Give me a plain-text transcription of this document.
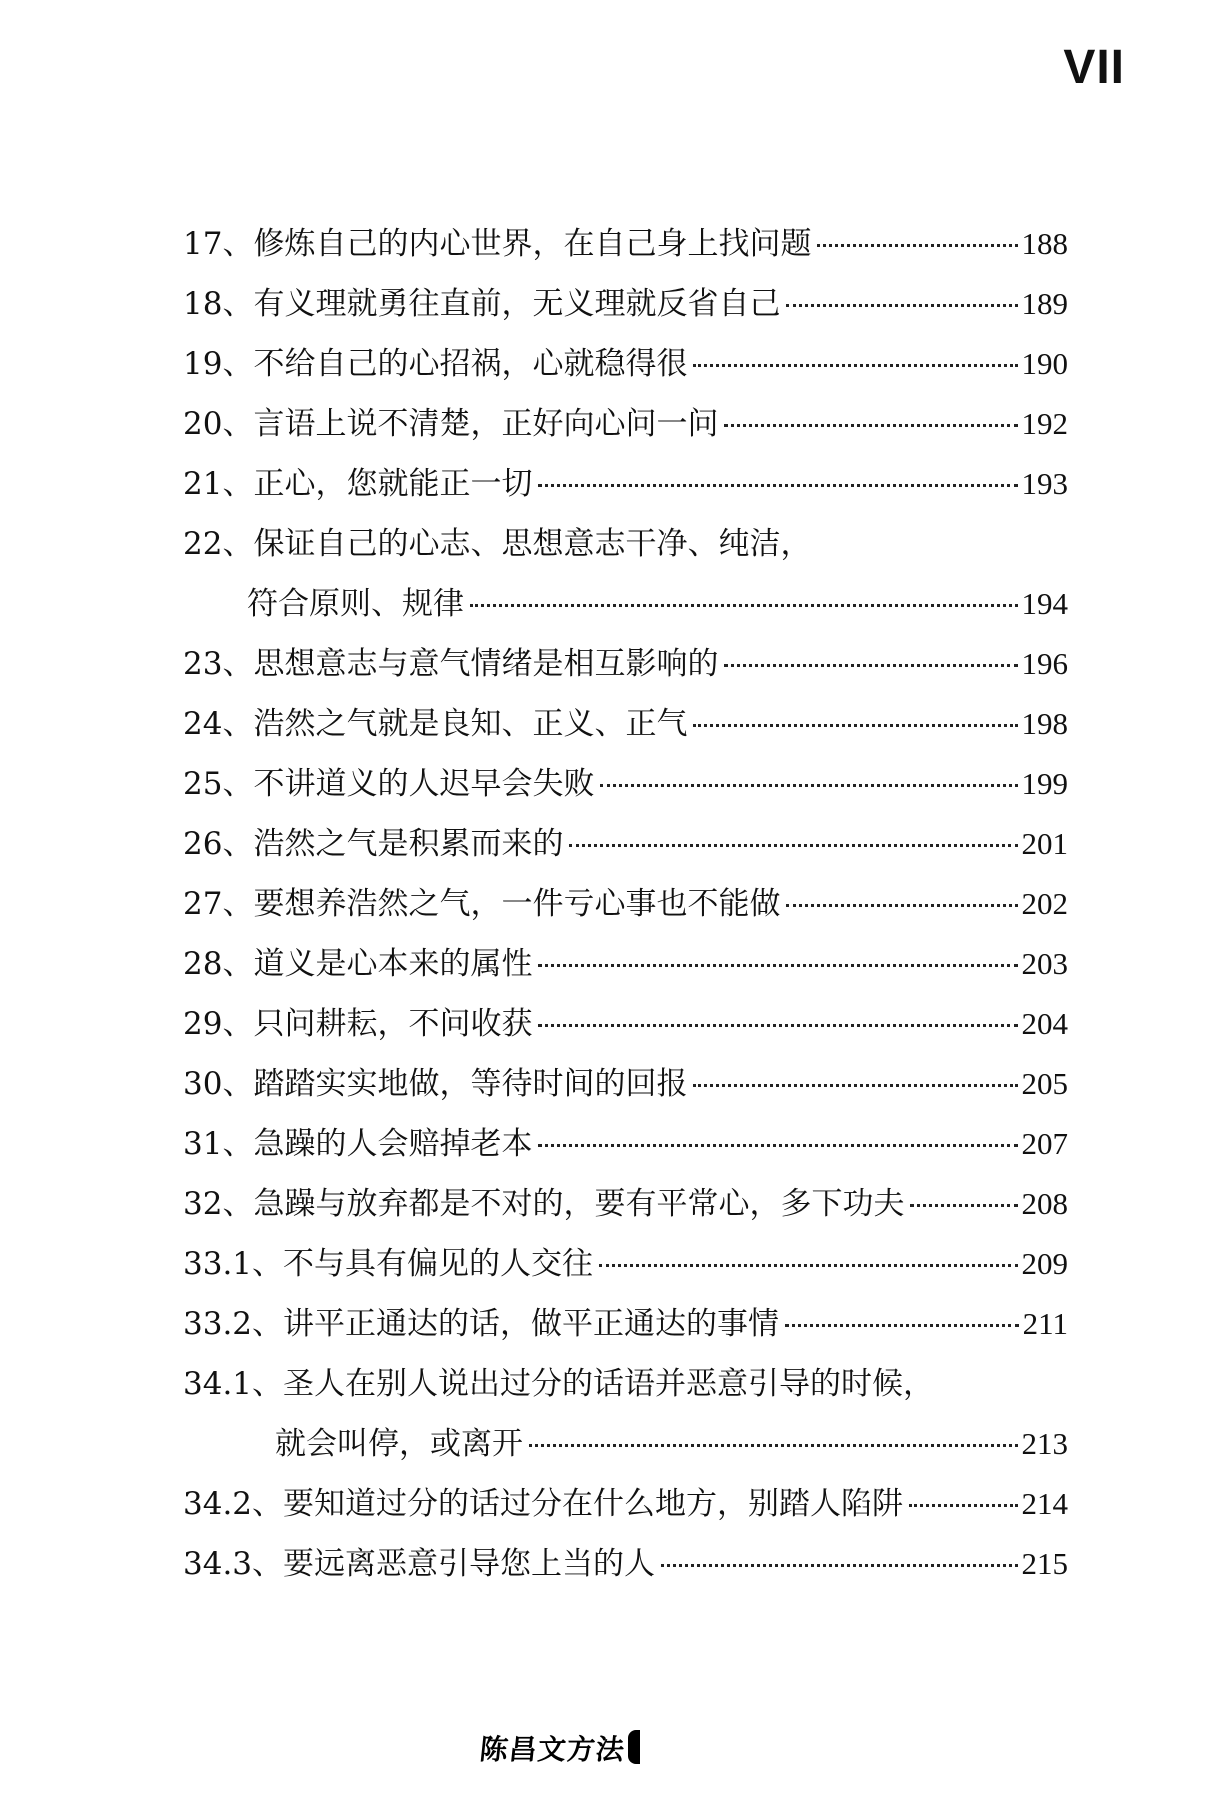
VII
17、 修炼自己的内心世界，在自己身上找问题	188
18、 有义理就勇往直前，无义理就反省自己	189
19、 不给自己的心招祸，心就稳得很	190
20、 言语上说不清楚，正好向心问一问	192
21、 正心，您就能正一切	193
22、 保证自己的心志、思想意志干净、纯洁，
符合原则、规律	194
23、 思想意志与意气情绪是相互影响的	196
24、 浩然之气就是良知、正义、正气	198
25、 不讲道义的人迟早会失败	199
26、 浩然之气是积累而来的	201
27、 要想养浩然之气，一件亏心事也不能做	202
28、 道义是心本来的属性	203
29、 只问耕耘，不问收获	204
30、 踏踏实实地做，等待时间的回报	205
31、 急躁的人会赔掉老本	207
32、 急躁与放弃都是不对的，要有平常心，多下功夫	208
33.1、 不与具有偏见的人交往	209
33.2、 讲平正通达的话，做平正通达的事情	211
34.1、 圣人在别人说出过分的话语并恶意引导的时候，
就会叫停，或离开	213
34.2、 要知道过分的话过分在什么地方，别踏人陷阱	214
34.3、 要远离恶意引导您上当的人	215
陈昌文方法
